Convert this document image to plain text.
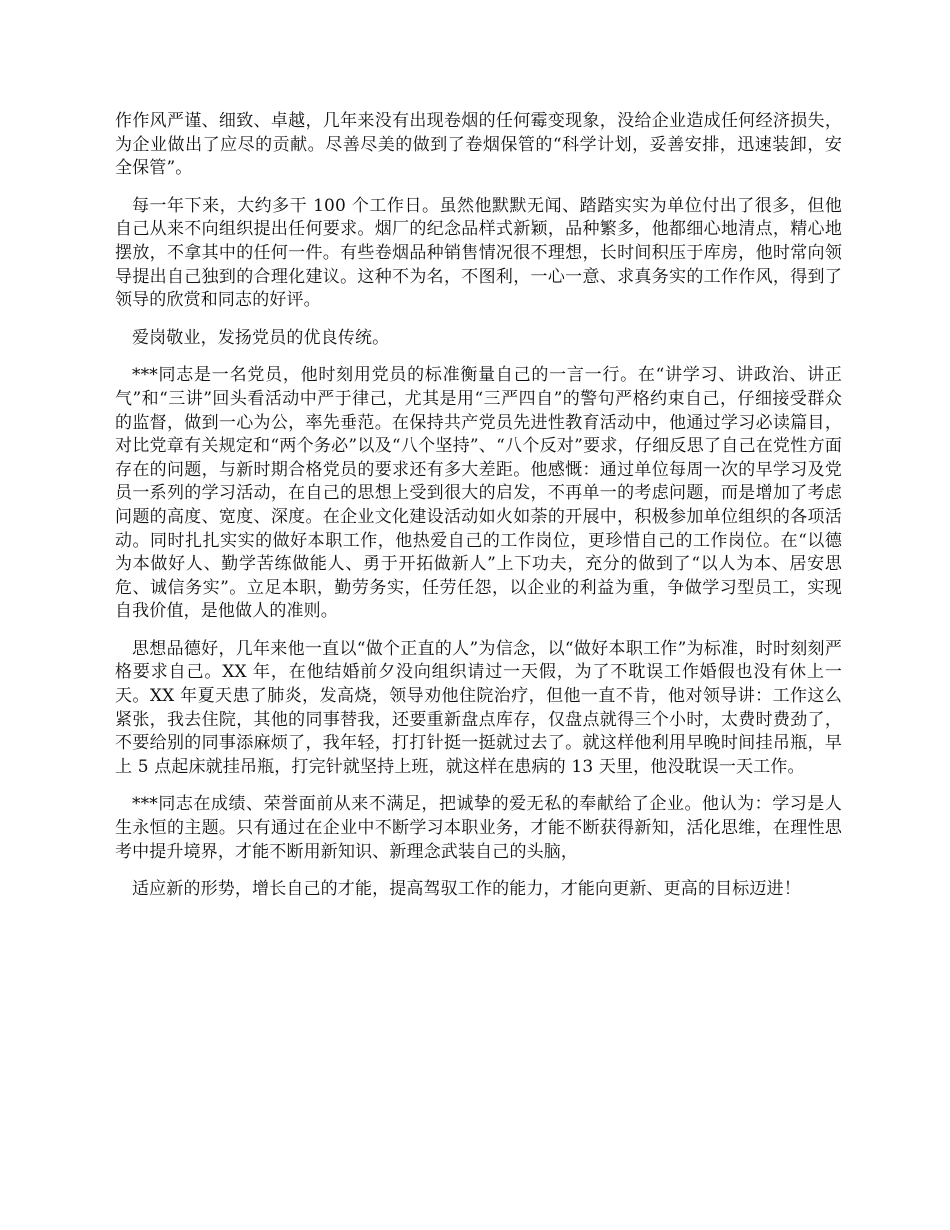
作作风严谨、细致、卓越，几年来没有出现卷烟的任何霉变现象，没给企业造成任何经济损失，为企业做出了应尽的贡献。尽善尽美的做到了卷烟保管的“科学计划，妥善安排，迅速装卸，安全保管”。

每一年下来，大约多干 100 个工作日。虽然他默默无闻、踏踏实实为单位付出了很多，但他自己从来不向组织提出任何要求。烟厂的纪念品样式新颖，品种繁多，他都细心地清点，精心地摆放，不拿其中的任何一件。有些卷烟品种销售情况很不理想，长时间积压于库房，他时常向领导提出自己独到的合理化建议。这种不为名，不图利，一心一意、求真务实的工作作风，得到了领导的欣赏和同志的好评。

爱岗敬业，发扬党员的优良传统。

***同志是一名党员，他时刻用党员的标准衡量自己的一言一行。在“讲学习、讲政治、讲正气”和“三讲”回头看活动中严于律己，尤其是用“三严四自”的警句严格约束自己，仔细接受群众的监督，做到一心为公，率先垂范。在保持共产党员先进性教育活动中，他通过学习必读篇目，对比党章有关规定和“两个务必”以及“八个坚持”、“八个反对”要求，仔细反思了自己在党性方面存在的问题，与新时期合格党员的要求还有多大差距。他感慨：通过单位每周一次的早学习及党员一系列的学习活动，在自己的思想上受到很大的启发，不再单一的考虑问题，而是增加了考虑问题的高度、宽度、深度。在企业文化建设活动如火如荼的开展中，积极参加单位组织的各项活动。同时扎扎实实的做好本职工作，他热爱自己的工作岗位，更珍惜自己的工作岗位。在“以德为本做好人、勤学苦练做能人、勇于开拓做新人”上下功夫，充分的做到了“以人为本、居安思危、诚信务实”。立足本职，勤劳务实，任劳任怨，以企业的利益为重，争做学习型员工，实现自我价值，是他做人的准则。

思想品德好，几年来他一直以“做个正直的人”为信念，以“做好本职工作”为标准，时时刻刻严格要求自己。XX 年，在他结婚前夕没向组织请过一天假，为了不耽误工作婚假也没有休上一天。XX 年夏天患了肺炎，发高烧，领导劝他住院治疗，但他一直不肯，他对领导讲：工作这么紧张，我去住院，其他的同事替我，还要重新盘点库存，仅盘点就得三个小时，太费时费劲了，不要给别的同事添麻烦了，我年轻，打打针挺一挺就过去了。就这样他利用早晚时间挂吊瓶，早上 5 点起床就挂吊瓶，打完针就坚持上班，就这样在患病的 13 天里，他没耽误一天工作。

***同志在成绩、荣誉面前从来不满足，把诚挚的爱无私的奉献给了企业。他认为：学习是人生永恒的主题。只有通过在企业中不断学习本职业务，才能不断获得新知，活化思维，在理性思考中提升境界，才能不断用新知识、新理念武装自己的头脑，

适应新的形势，增长自己的才能，提高驾驭工作的能力，才能向更新、更高的目标迈进！
